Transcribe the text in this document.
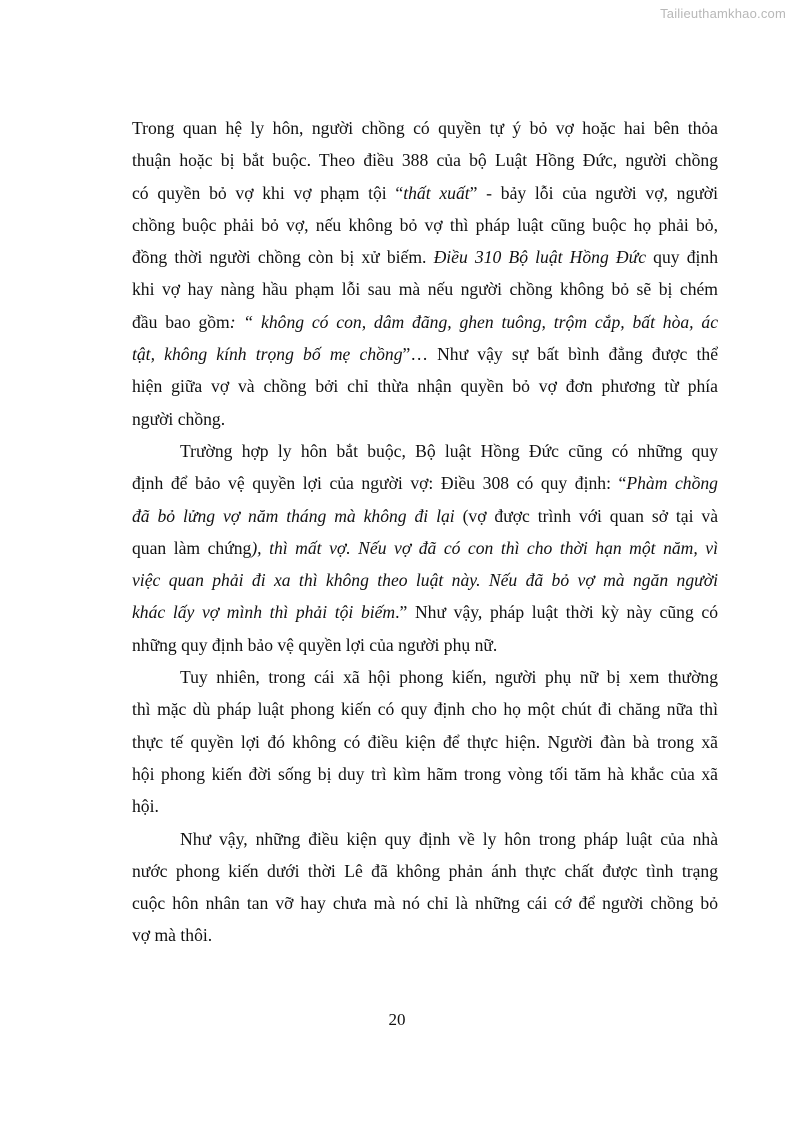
Tailieuthamkhao.com

Trong quan hệ ly hôn, người chồng có quyền tự ý bỏ vợ hoặc hai bên thỏa
thuận hoặc bị bắt buộc. Theo điều 388 của bộ Luật Hồng Đức, người chồng
có quyền bỏ vợ khi vợ phạm tội “thất xuất” - bảy lỗi của người vợ, người
chồng buộc phải bỏ vợ, nếu không bỏ vợ thì pháp luật cũng buộc họ phải bỏ,
đồng thời người chồng còn bị xử biếm. Điều 310 Bộ luật Hồng Đức quy định
khi vợ hay nàng hầu phạm lỗi sau mà nếu người chồng không bỏ sẽ bị chém
đầu bao gồm: “ không có con, dâm đãng, ghen tuông, trộm cắp, bất hòa, ác
tật, không kính trọng bố mẹ chồng”… Như vậy sự bất bình đẳng được thể
hiện giữa vợ và chồng bởi chỉ thừa nhận quyền bỏ vợ đơn phương từ phía
người chồng.

Trường hợp ly hôn bắt buộc, Bộ luật Hồng Đức cũng có những quy
định để bảo vệ quyền lợi của người vợ: Điều 308 có quy định: “Phàm chồng
đã bỏ lửng vợ năm tháng mà không đi lại (vợ được trình với quan sở tại và
quan làm chứng), thì mất vợ. Nếu vợ đã có con thì cho thời hạn một năm, vì
việc quan phải đi xa thì không theo luật này. Nếu đã bỏ vợ mà ngăn người
khác lấy vợ mình thì phải tội biếm.” Như vậy, pháp luật thời kỳ này cũng có
những quy định bảo vệ quyền lợi của người phụ nữ.

Tuy nhiên, trong cái xã hội phong kiến, người phụ nữ bị xem thường
thì mặc dù pháp luật phong kiến có quy định cho họ một chút đi chăng nữa thì
thực tế quyền lợi đó không có điều kiện để thực hiện. Người đàn bà trong xã
hội phong kiến đời sống bị duy trì kìm hãm trong vòng tối tăm hà khắc của xã
hội.

Như vậy, những điều kiện quy định về ly hôn trong pháp luật của nhà
nước phong kiến dưới thời Lê đã không phản ánh thực chất được tình trạng
cuộc hôn nhân tan vỡ hay chưa mà nó chỉ là những cái cớ để người chồng bỏ
vợ mà thôi.

20
